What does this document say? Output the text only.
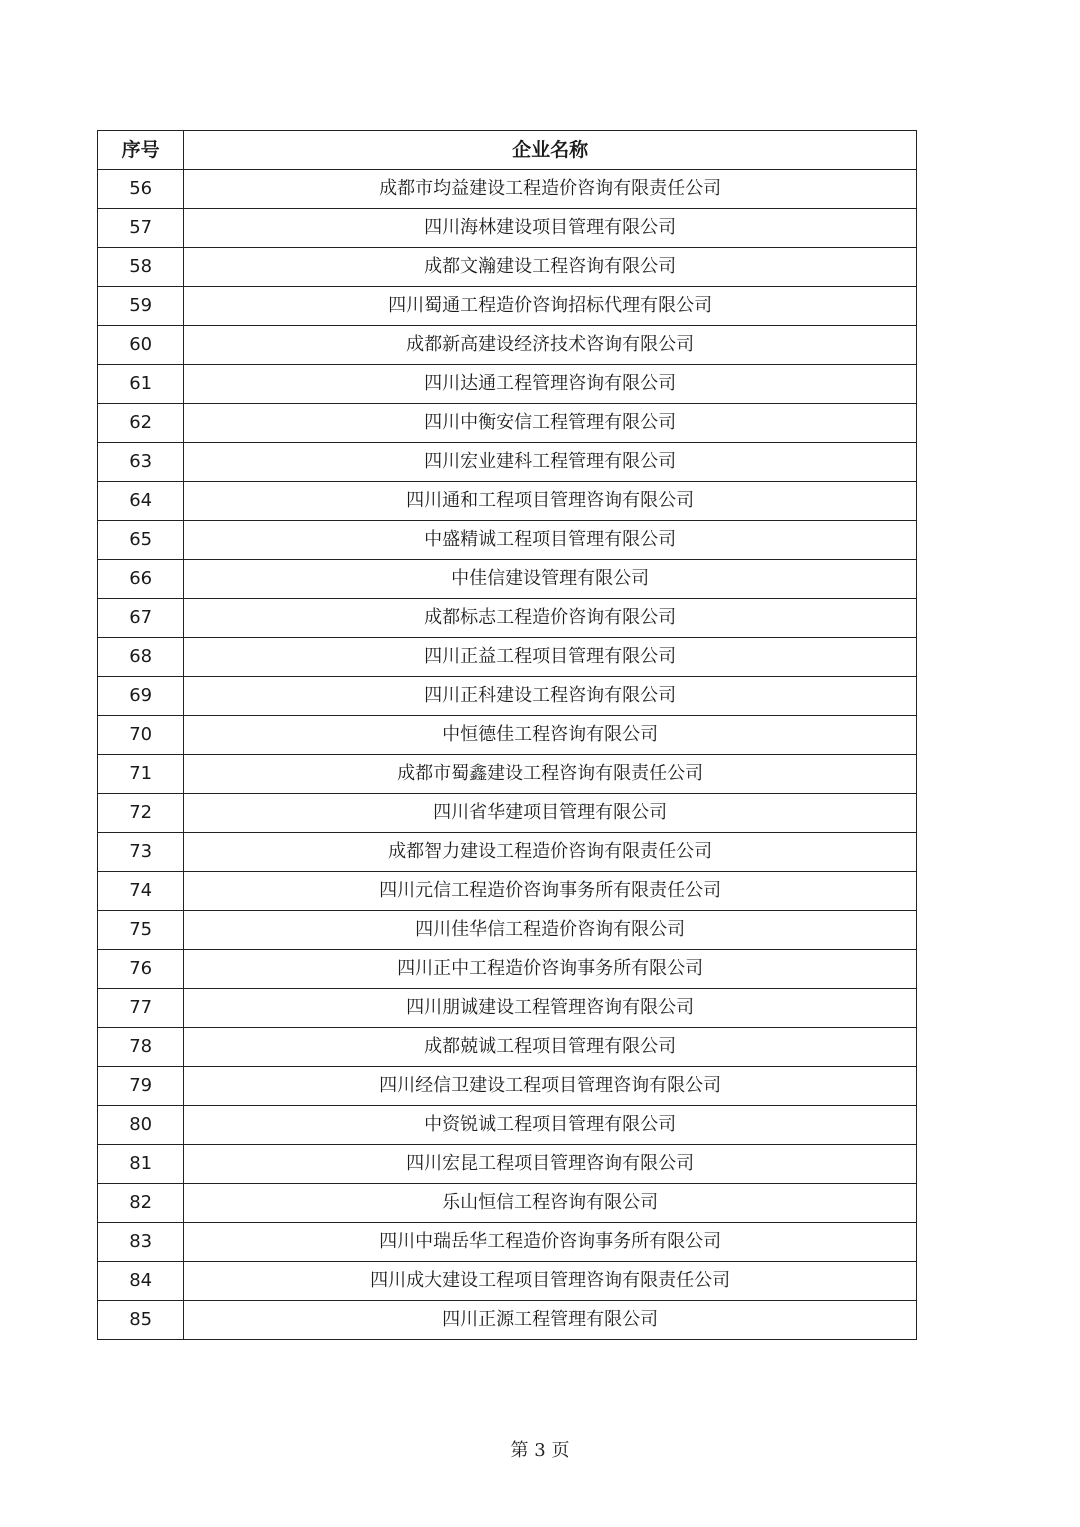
序号	企业名称
56	成都市均益建设工程造价咨询有限责任公司
57	四川海林建设项目管理有限公司
58	成都文瀚建设工程咨询有限公司
59	四川蜀通工程造价咨询招标代理有限公司
60	成都新高建设经济技术咨询有限公司
61	四川达通工程管理咨询有限公司
62	四川中衡安信工程管理有限公司
63	四川宏业建科工程管理有限公司
64	四川通和工程项目管理咨询有限公司
65	中盛精诚工程项目管理有限公司
66	中佳信建设管理有限公司
67	成都标志工程造价咨询有限公司
68	四川正益工程项目管理有限公司
69	四川正科建设工程咨询有限公司
70	中恒德佳工程咨询有限公司
71	成都市蜀鑫建设工程咨询有限责任公司
72	四川省华建项目管理有限公司
73	成都智力建设工程造价咨询有限责任公司
74	四川元信工程造价咨询事务所有限责任公司
75	四川佳华信工程造价咨询有限公司
76	四川正中工程造价咨询事务所有限公司
77	四川朋诚建设工程管理咨询有限公司
78	成都兢诚工程项目管理有限公司
79	四川经信卫建设工程项目管理咨询有限公司
80	中资锐诚工程项目管理有限公司
81	四川宏昆工程项目管理咨询有限公司
82	乐山恒信工程咨询有限公司
83	四川中瑞岳华工程造价咨询事务所有限公司
84	四川成大建设工程项目管理咨询有限责任公司
85	四川正源工程管理有限公司
第 3 页
